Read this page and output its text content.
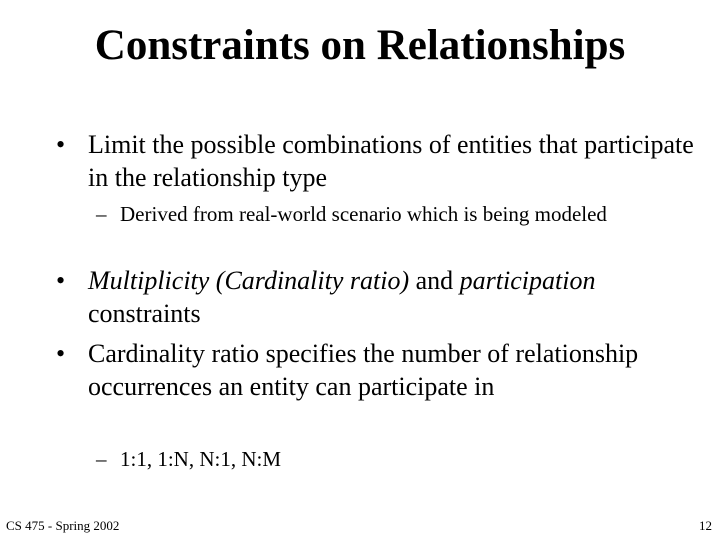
Constraints on Relationships
• Limit the possible combinations of entities that participate in the relationship type
– Derived from real-world scenario which is being modeled
• Multiplicity (Cardinality ratio) and participation constraints
• Cardinality ratio specifies the number of relationship occurrences an entity can participate in
– 1:1, 1:N, N:1, N:M
CS 475 - Spring 2002	12
